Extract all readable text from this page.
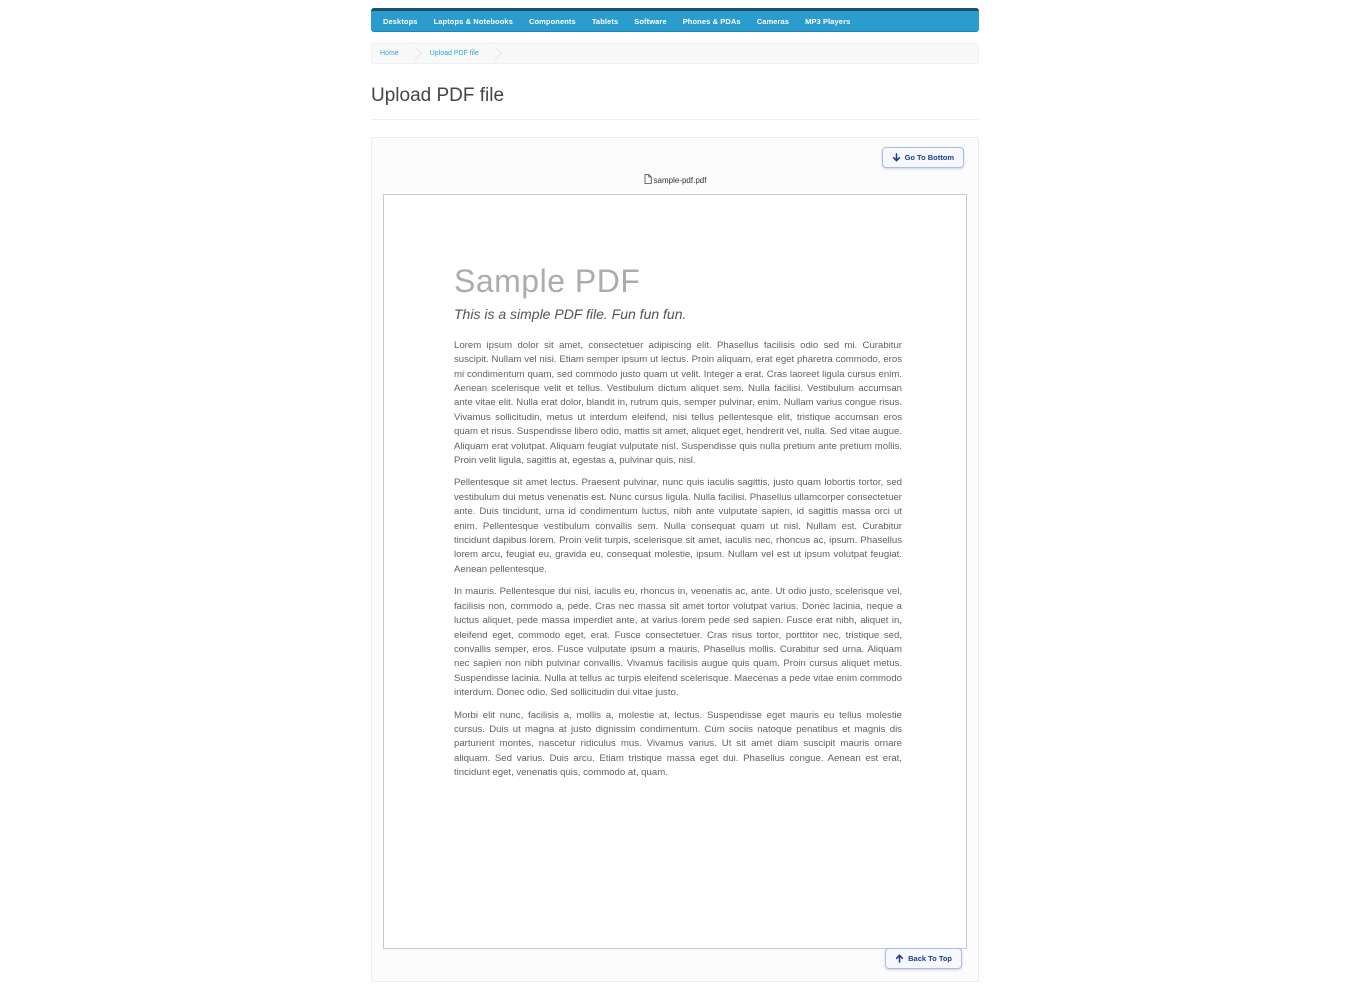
Desktops	Laptops & Notebooks	Components	Tablets	Software	Phones & PDAs	Cameras	MP3 Players
Home	Upload PDF file
Upload PDF file
Go To Bottom
sample-pdf.pdf
Sample PDF

This is a simple PDF file. Fun fun fun.

Lorem ipsum dolor sit amet, consectetuer adipiscing elit. Phasellus facilisis odio sed mi. Curabitur suscipit. Nullam vel nisi. Etiam semper ipsum ut lectus. Proin aliquam, erat eget pharetra commodo, eros mi condimentum quam, sed commodo justo quam ut velit. Integer a erat. Cras laoreet ligula cursus enim. Aenean scelerisque velit et tellus. Vestibulum dictum aliquet sem. Nulla facilisi. Vestibulum accumsan ante vitae elit. Nulla erat dolor, blandit in, rutrum quis, semper pulvinar, enim. Nullam varius congue risus. Vivamus sollicitudin, metus ut interdum eleifend, nisi tellus pellentesque elit, tristique accumsan eros quam et risus. Suspendisse libero odio, mattis sit amet, aliquet eget, hendrerit vel, nulla. Sed vitae augue. Aliquam erat volutpat. Aliquam feugiat vulputate nisl. Suspendisse quis nulla pretium ante pretium mollis. Proin velit ligula, sagittis at, egestas a, pulvinar quis, nisl.

Pellentesque sit amet lectus. Praesent pulvinar, nunc quis iaculis sagittis, justo quam lobortis tortor, sed vestibulum dui metus venenatis est. Nunc cursus ligula. Nulla facilisi. Phasellus ullamcorper consectetuer ante. Duis tincidunt, urna id condimentum luctus, nibh ante vulputate sapien, id sagittis massa orci ut enim. Pellentesque vestibulum convallis sem. Nulla consequat quam ut nisl. Nullam est. Curabitur tincidunt dapibus lorem. Proin velit turpis, scelerisque sit amet, iaculis nec, rhoncus ac, ipsum. Phasellus lorem arcu, feugiat eu, gravida eu, consequat molestie, ipsum. Nullam vel est ut ipsum volutpat feugiat. Aenean pellentesque.

In mauris. Pellentesque dui nisi, iaculis eu, rhoncus in, venenatis ac, ante. Ut odio justo, scelerisque vel, facilisis non, commodo a, pede. Cras nec massa sit amet tortor volutpat varius. Donec lacinia, neque a luctus aliquet, pede massa imperdiet ante, at varius lorem pede sed sapien. Fusce erat nibh, aliquet in, eleifend eget, commodo eget, erat. Fusce consectetuer. Cras risus tortor, porttitor nec, tristique sed, convallis semper, eros. Fusce vulputate ipsum a mauris. Phasellus mollis. Curabitur sed urna. Aliquam nec sapien non nibh pulvinar convallis. Vivamus facilisis augue quis quam. Proin cursus aliquet metus. Suspendisse lacinia. Nulla at tellus ac turpis eleifend scelerisque. Maecenas a pede vitae enim commodo interdum. Donec odio. Sed sollicitudin dui vitae justo.

Morbi elit nunc, facilisis a, mollis a, molestie at, lectus. Suspendisse eget mauris eu tellus molestie cursus. Duis ut magna at justo dignissim condimentum. Cum sociis natoque penatibus et magnis dis parturient montes, nascetur ridiculus mus. Vivamus varius. Ut sit amet diam suscipit mauris ornare aliquam. Sed varius. Duis arcu. Etiam tristique massa eget dui. Phasellus congue. Aenean est erat, tincidunt eget, venenatis quis, commodo at, quam.

Back To Top
